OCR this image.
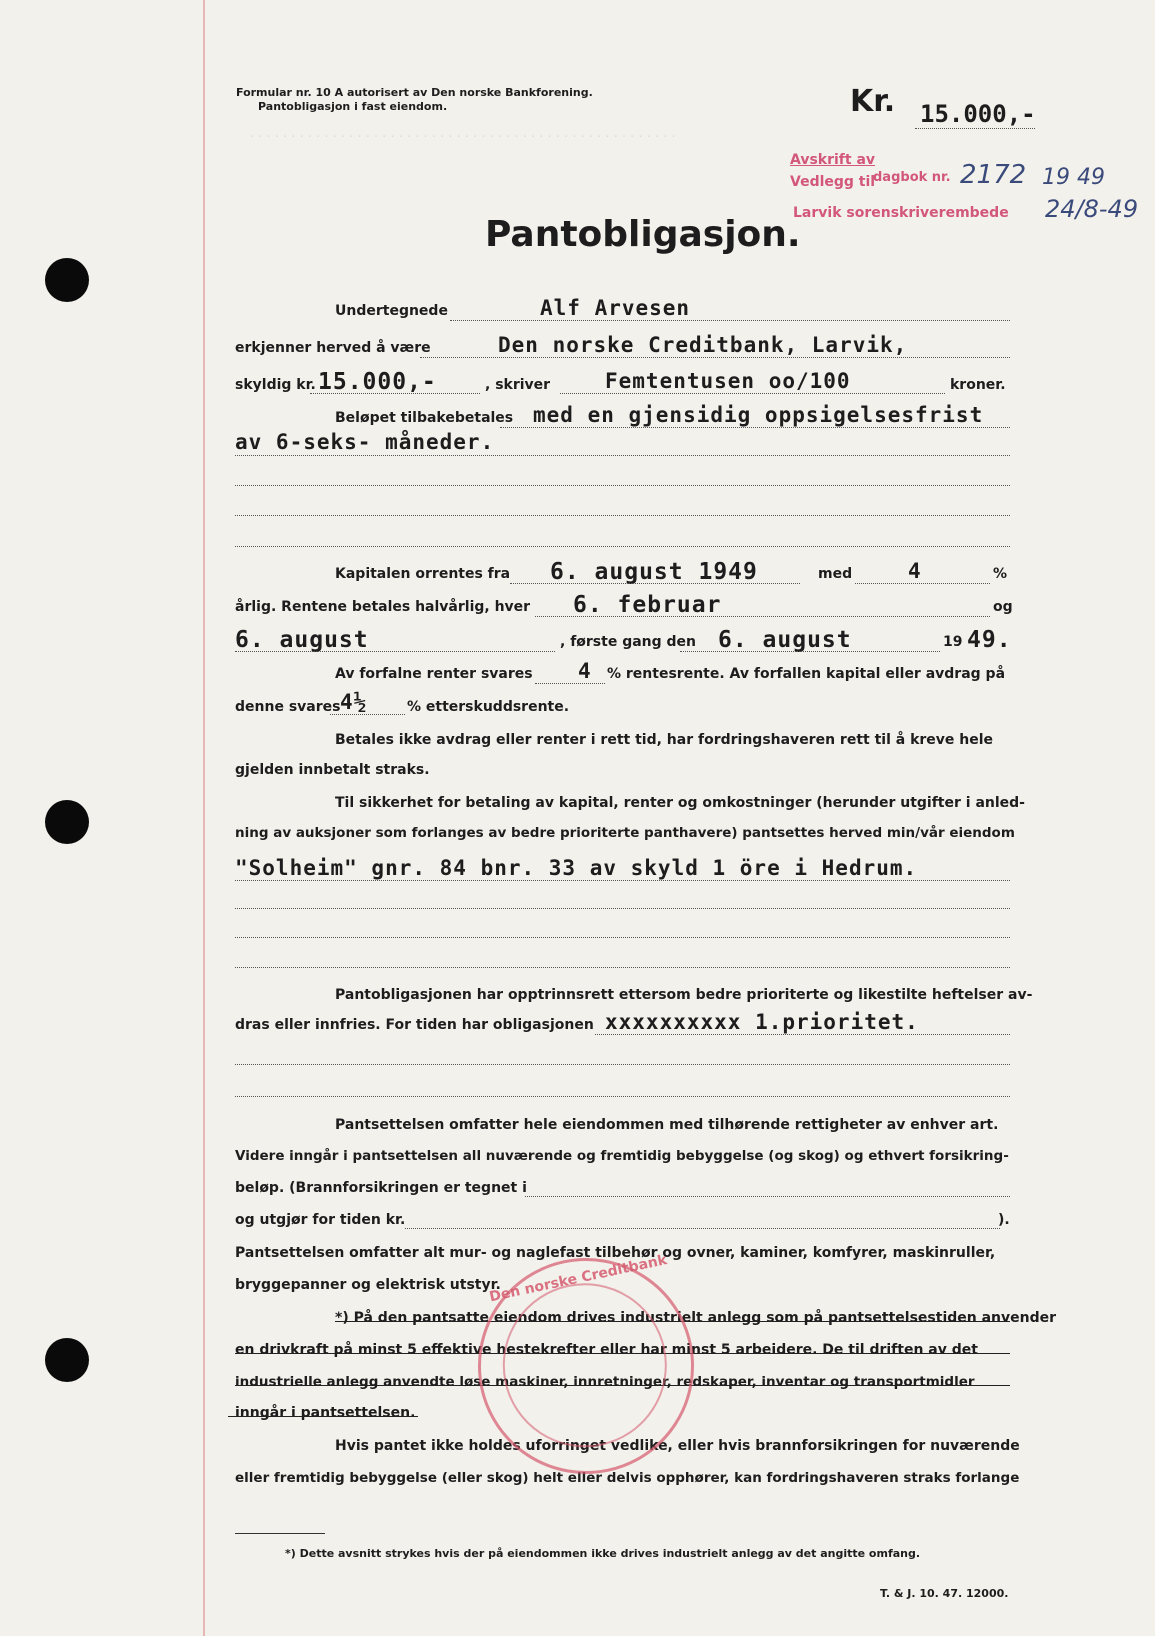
· · · · · · · · · · · · · · · · · · · · · · · · · · · · · · · · · · · · · · · · · · · · · · · · · · · ·
Formular nr. 10 A autorisert av Den norske Bankforening.
Pantobligasjon i fast eiendom.	Kr. 15.000,-
Avskrift av
Vedlegg til
dagbok nr. 2172 19 49
Larvik sorenskriverembede 24/8-49
Pantobligasjon.
Undertegnede	Alf Arvesen
erkjenner herved å være	Den norske Creditbank, Larvik,
skyldig kr. 15.000,-	, skriver	Femtentusen oo/100	kroner.
Beløpet tilbakebetales med en gjensidig oppsigelsesfrist
av 6-seks- måneder.
Kapitalen orrentes fra 6. august 1949	med	4	%
årlig. Rentene betales halvårlig, hver 6. februar	og
6. august	, første gang den 6. august	19 49.
Av forfalne renter svares 4 % rentesrente. Av forfallen kapital eller avdrag på
denne svares 4½	% etterskuddsrente.
Betales ikke avdrag eller renter i rett tid, har fordringshaveren rett til å kreve hele
gjelden innbetalt straks.
Til sikkerhet for betaling av kapital, renter og omkostninger (herunder utgifter i anled-
ning av auksjoner som forlanges av bedre prioriterte panthavere) pantsettes herved min/vår eiendom
"Solheim" gnr. 84 bnr. 33 av skyld 1 öre i Hedrum.
Pantobligasjonen har opptrinnsrett ettersom bedre prioriterte og likestilte heftelser av-
dras eller innfries. For tiden har obligasjonen xxxxxxxxxx 1.prioritet.
Pantsettelsen omfatter hele eiendommen med tilhørende rettigheter av enhver art.
Videre inngår i pantsettelsen all nuværende og fremtidig bebyggelse (og skog) og ethvert forsikring-
beløp. (Brannforsikringen er tegnet i
og utgjør for tiden kr.	).
Pantsettelsen omfatter alt mur- og naglefast tilbehør og ovner, kaminer, komfyrer, maskinruller,
bryggepanner og elektrisk utstyr.
*) På den pantsatte eiendom drives industrielt anlegg som på pantsettelsestiden anvender
en drivkraft på minst 5 effektive hestekrefter eller har minst 5 arbeidere. De til driften av det
industrielle anlegg anvendte løse maskiner, innretninger, redskaper, inventar og transportmidler
inngår i pantsettelsen.
Hvis pantet ikke holdes uforringet vedlike, eller hvis brannforsikringen for nuværende
eller fremtidig bebyggelse (eller skog) helt eller delvis opphører, kan fordringshaveren straks forlange
Den norske Creditbank
*) Dette avsnitt strykes hvis der på eiendommen ikke drives industrielt anlegg av det angitte omfang.
T. & J. 10. 47. 12000.
